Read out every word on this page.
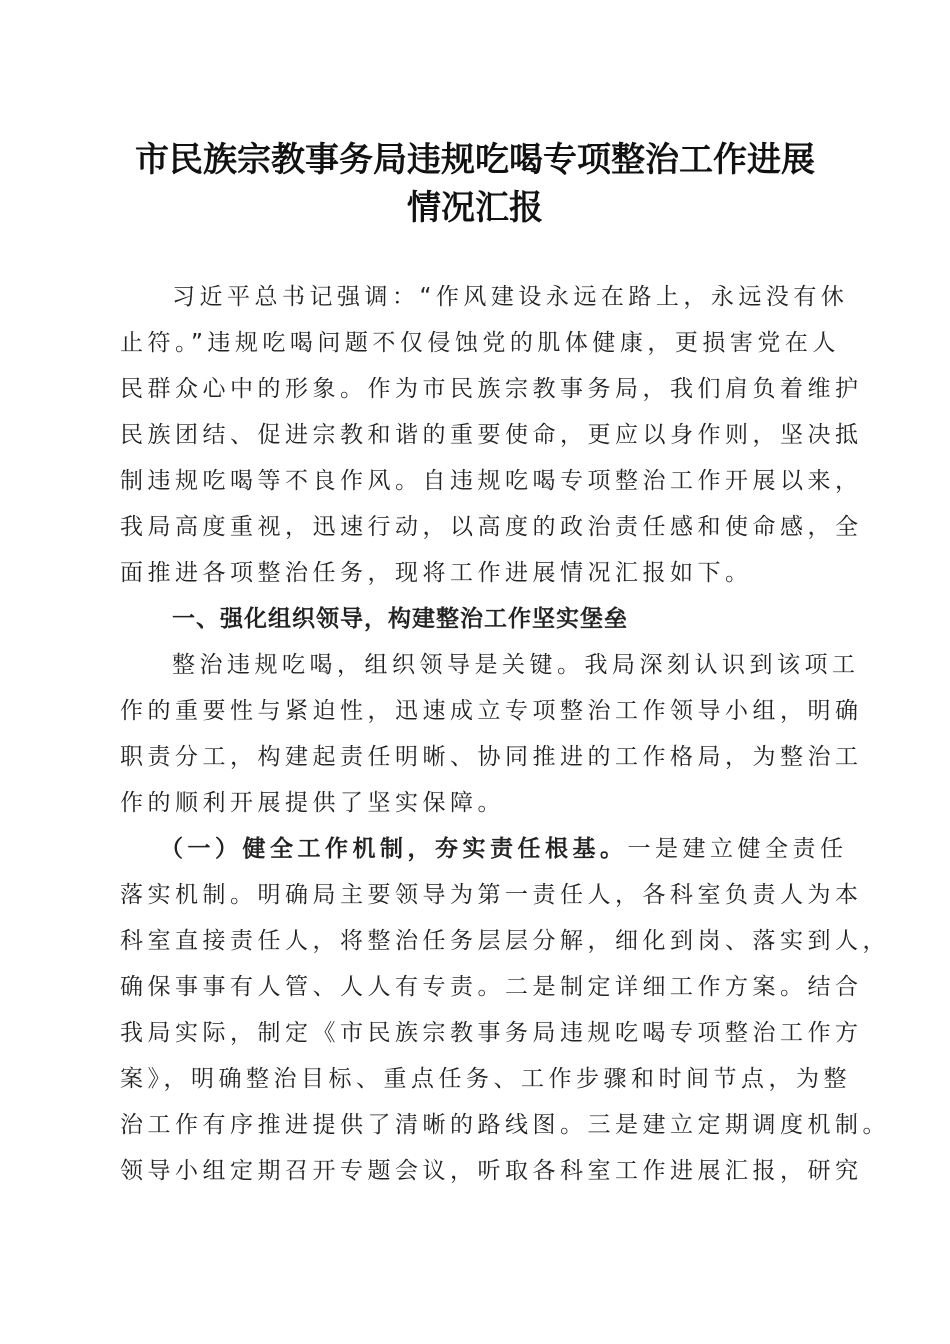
市民族宗教事务局违规吃喝专项整治工作进展
情况汇报
习近平总书记强调：“作风建设永远在路上，永远没有休
止符。”违规吃喝问题不仅侵蚀党的肌体健康，更损害党在人
民群众心中的形象。作为市民族宗教事务局，我们肩负着维护
民族团结、促进宗教和谐的重要使命，更应以身作则，坚决抵
制违规吃喝等不良作风。自违规吃喝专项整治工作开展以来，
我局高度重视，迅速行动，以高度的政治责任感和使命感，全
面推进各项整治任务，现将工作进展情况汇报如下。
一、强化组织领导，构建整治工作坚实堡垒
整治违规吃喝，组织领导是关键。我局深刻认识到该项工
作的重要性与紧迫性，迅速成立专项整治工作领导小组，明确
职责分工，构建起责任明晰、协同推进的工作格局，为整治工
作的顺利开展提供了坚实保障。
（一）健全工作机制，夯实责任根基。一是建立健全责任
落实机制。明确局主要领导为第一责任人，各科室负责人为本
科室直接责任人，将整治任务层层分解，细化到岗、落实到人，
确保事事有人管、人人有专责。二是制定详细工作方案。结合
我局实际，制定《市民族宗教事务局违规吃喝专项整治工作方
案》，明确整治目标、重点任务、工作步骤和时间节点，为整
治工作有序推进提供了清晰的路线图。三是建立定期调度机制。
领导小组定期召开专题会议，听取各科室工作进展汇报，研究
